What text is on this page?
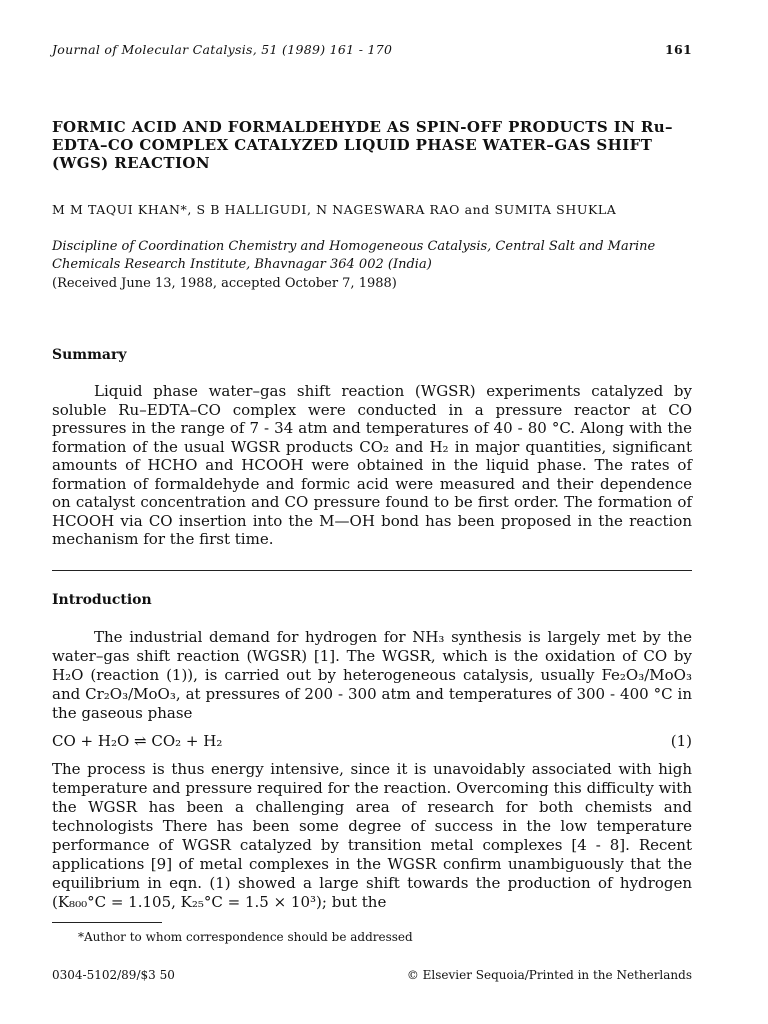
Journal of Molecular Catalysis, 51 (1989) 161 - 170	161
FORMIC ACID AND FORMALDEHYDE AS SPIN-OFF PRODUCTS IN Ru–EDTA–CO COMPLEX CATALYZED LIQUID PHASE WATER–GAS SHIFT (WGS) REACTION
M M TAQUI KHAN*, S B HALLIGUDI, N NAGESWARA RAO and SUMITA SHUKLA
Discipline of Coordination Chemistry and Homogeneous Catalysis, Central Salt and Marine Chemicals Research Institute, Bhavnagar 364 002 (India)
(Received June 13, 1988, accepted October 7, 1988)
Summary

Liquid phase water–gas shift reaction (WGSR) experiments catalyzed by soluble Ru–EDTA–CO complex were conducted in a pressure reactor at CO pressures in the range of 7 - 34 atm and temperatures of 40 - 80 °C. Along with the formation of the usual WGSR products CO₂ and H₂ in major quantities, significant amounts of HCHO and HCOOH were obtained in the liquid phase. The rates of formation of formaldehyde and formic acid were measured and their dependence on catalyst concentration and CO pressure found to be first order. The formation of HCOOH via CO insertion into the M—OH bond has been proposed in the reaction mechanism for the first time.

Introduction

The industrial demand for hydrogen for NH₃ synthesis is largely met by the water–gas shift reaction (WGSR) [1]. The WGSR, which is the oxidation of CO by H₂O (reaction (1)), is carried out by heterogeneous catalysis, usually Fe₂O₃/MoO₃ and Cr₂O₃/MoO₃, at pressures of 200 - 300 atm and temperatures of 300 - 400 °C in the gaseous phase

CO + H₂O ⇌ CO₂ + H₂	(1)

The process is thus energy intensive, since it is unavoidably associated with high temperature and pressure required for the reaction. Overcoming this difficulty with the WGSR has been a challenging area of research for both chemists and technologists There has been some degree of success in the low temperature performance of WGSR catalyzed by transition metal complexes [4 - 8]. Recent applications [9] of metal complexes in the WGSR confirm unambiguously that the equilibrium in eqn. (1) showed a large shift towards the production of hydrogen (K₈₀₀°C = 1.105, K₂₅°C = 1.5 × 10³); but the

*Author to whom correspondence should be addressed
0304-5102/89/$3 50	© Elsevier Sequoia/Printed in the Netherlands
